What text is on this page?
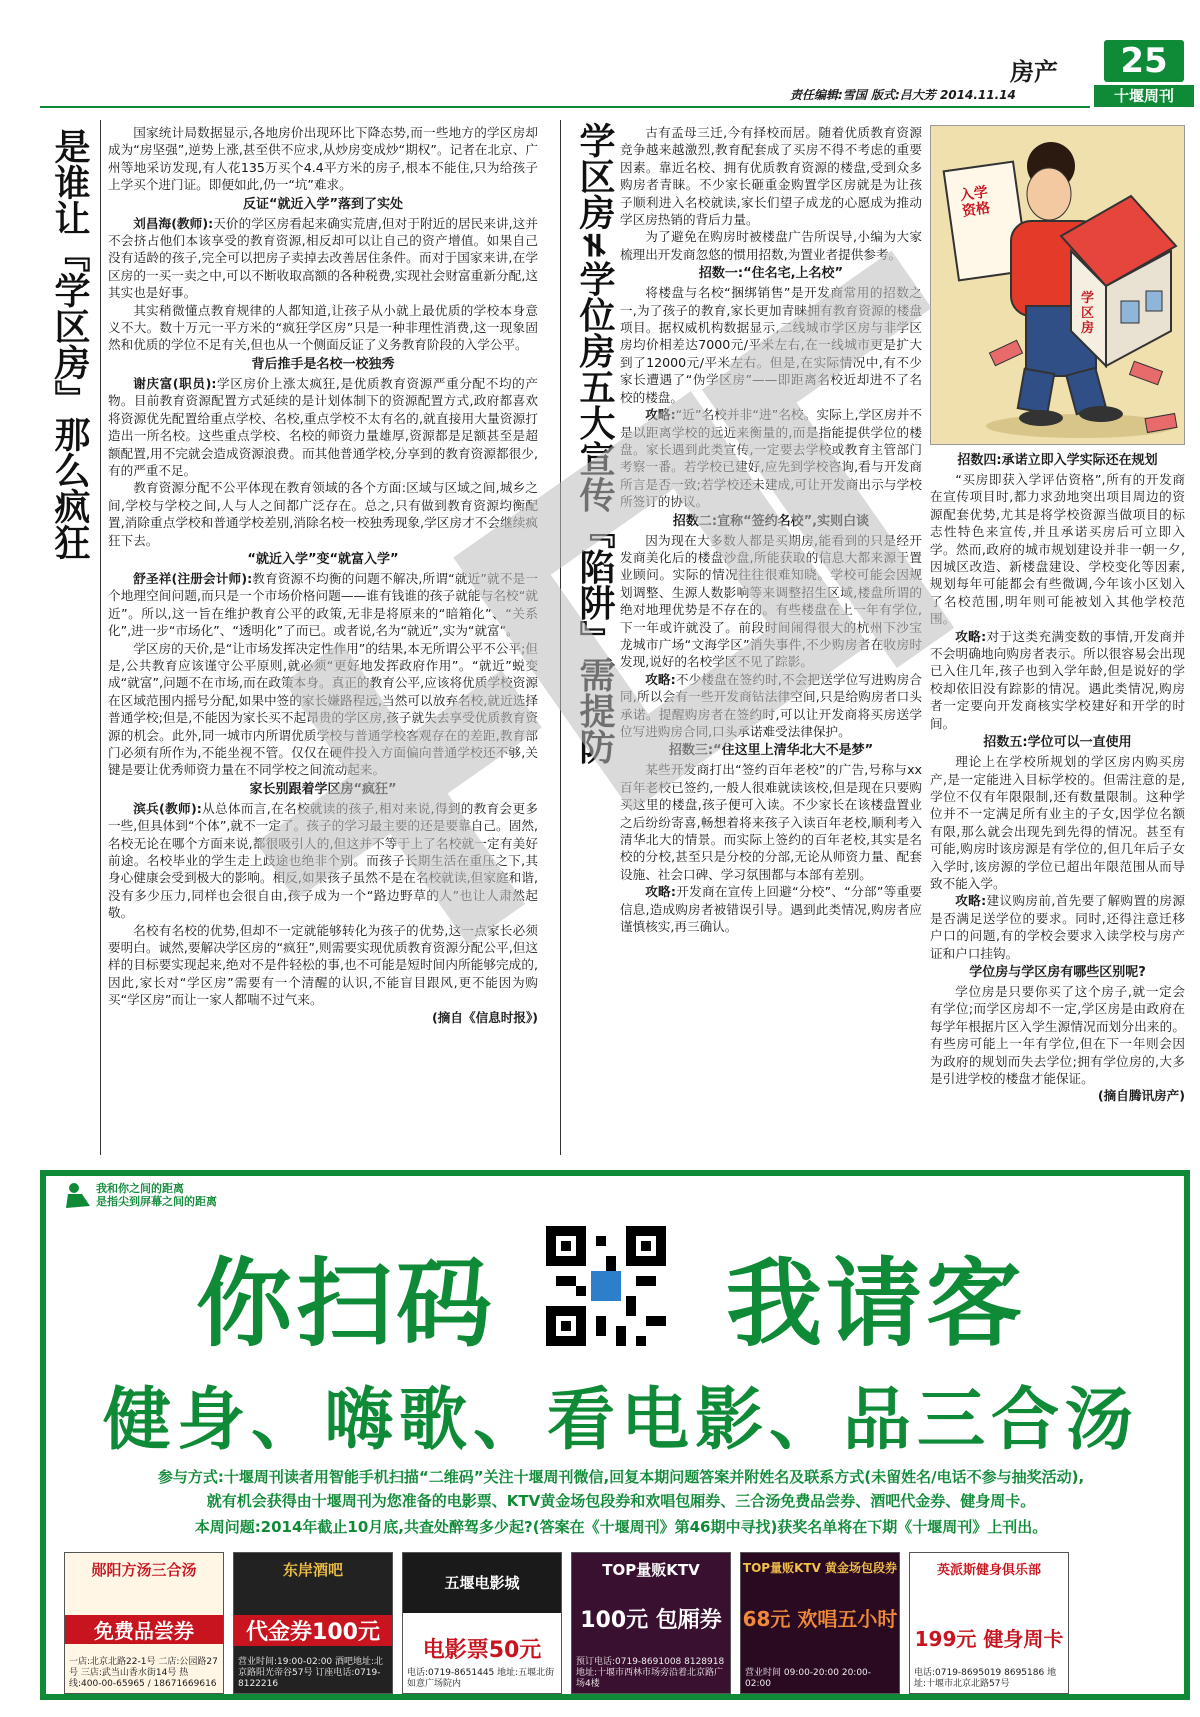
房产	25
十堰周刊
责任编辑:雪国 版式:吕大芳 2014.11.14
是谁让『学区房』那么疯狂	国家统计局数据显示,各地房价出现环比下降态势,而一些地方的学区房却成为“房坚强”,逆势上涨,甚至供不应求,从炒房变成炒“期权”。记者在北京、广州等地采访发现,有人花135万买个4.4平方米的房子,根本不能住,只为给孩子上学买个进门证。即便如此,仍一“坑”难求。

反证“就近入学”落到了实处

刘昌海(教师):天价的学区房看起来确实荒唐,但对于附近的居民来讲,这并不会挤占他们本该享受的教育资源,相反却可以让自己的资产增值。如果自己没有适龄的孩子,完全可以把房子卖掉去改善居住条件。而对于国家来讲,在学区房的一买一卖之中,可以不断收取高额的各种税费,实现社会财富重新分配,这其实也是好事。

其实稍微懂点教育规律的人都知道,让孩子从小就上最优质的学校本身意义不大。数十万元一平方米的“疯狂学区房”只是一种非理性消费,这一现象固然和优质的学位不足有关,但也从一个侧面反证了义务教育阶段的入学公平。

背后推手是名校一校独秀

谢庆富(职员):学区房价上涨太疯狂,是优质教育资源严重分配不均的产物。目前教育资源配置方式延续的是计划体制下的资源配置方式,政府都喜欢将资源优先配置给重点学校、名校,重点学校不太有名的,就直接用大量资源打造出一所名校。这些重点学校、名校的师资力量雄厚,资源都是足额甚至是超额配置,用不完就会造成资源浪费。而其他普通学校,分享到的教育资源都很少,有的严重不足。

教育资源分配不公平体现在教育领域的各个方面:区域与区域之间,城乡之间,学校与学校之间,人与人之间都广泛存在。总之,只有做到教育资源均衡配置,消除重点学校和普通学校差别,消除名校一校独秀现象,学区房才不会继续疯狂下去。

“就近入学”变“就富入学”

舒圣祥(注册会计师):教育资源不均衡的问题不解决,所谓“就近”就不是一个地理空间问题,而只是一个市场价格问题——谁有钱谁的孩子就能与名校“就近”。所以,这一旨在维护教育公平的政策,无非是将原来的“暗箱化”、“关系化”,进一步“市场化”、“透明化”了而已。或者说,名为“就近”,实为“就富”。

学区房的天价,是“让市场发挥决定性作用”的结果,本无所谓公平不公平;但是,公共教育应该谨守公平原则,就必须“更好地发挥政府作用”。“就近”蜕变成“就富”,问题不在市场,而在政策本身。真正的教育公平,应该将优质学校资源在区域范围内摇号分配,如果中签的家长嫌路程远,当然可以放弃名校,就近选择普通学校;但是,不能因为家长买不起昂贵的学区房,孩子就失去享受优质教育资源的机会。此外,同一城市内所谓优质学校与普通学校客观存在的差距,教育部门必须有所作为,不能坐视不管。仅仅在硬件投入方面偏向普通学校还不够,关键是要让优秀师资力量在不同学校之间流动起来。

家长别跟着学区房“疯狂”

滨兵(教师):从总体而言,在名校就读的孩子,相对来说,得到的教育会更多一些,但具体到“个体”,就不一定了。孩子的学习最主要的还是要靠自己。固然,名校无论在哪个方面来说,都很吸引人的,但这并不等于上了名校就一定有美好前途。名校毕业的学生走上歧途也绝非个别。而孩子长期生活在重压之下,其身心健康会受到极大的影响。相反,如果孩子虽然不是在名校就读,但家庭和谐,没有多少压力,同样也会很自由,孩子成为一个“路边野草的人”也让人肃然起敬。

名校有名校的优势,但却不一定就能够转化为孩子的优势,这一点家长必须要明白。诚然,要解决学区房的“疯狂”,则需要实现优质教育资源分配公平,但这样的目标要实现起来,绝对不是件轻松的事,也不可能是短时间内所能够完成的,因此,家长对“学区房”需要有一个清醒的认识,不能盲目跟风,更不能因为购买“学区房”而让一家人都喘不过气来。

(摘自《信息时报》)

学区房≠学位房五大宣传『陷阱』需提防	古有孟母三迁,今有择校而居。随着优质教育资源竞争越来越激烈,教育配套成了买房不得不考虑的重要因素。靠近名校、拥有优质教育资源的楼盘,受到众多购房者青睐。不少家长砸重金购置学区房就是为让孩子顺利进入名校就读,家长们望子成龙的心愿成为推动学区房热销的背后力量。

为了避免在购房时被楼盘广告所误导,小编为大家梳理出开发商忽悠的惯用招数,为置业者提供参考。

招数一:“住名宅,上名校”

将楼盘与名校“捆绑销售”是开发商常用的招数之一,为了孩子的教育,家长更加青睐拥有教育资源的楼盘项目。据权威机构数据显示,二线城市学区房与非学区房均价相差达7000元/平米左右,在一线城市更是扩大到了12000元/平米左右。但是,在实际情况中,有不少家长遭遇了“伪学区房”——即距离名校近却进不了名校的楼盘。

攻略:“近”名校并非“进”名校。实际上,学区房并不是以距离学校的远近来衡量的,而是指能提供学位的楼盘。家长遇到此类宣传,一定要去学校或教育主管部门考察一番。若学校已建好,应先到学校咨询,看与开发商所言是否一致;若学校还未建成,可让开发商出示与学校所签订的协议。

招数二:宣称“签约名校”,实则白谈

因为现在大多数人都是买期房,能看到的只是经开发商美化后的楼盘沙盘,所能获取的信息大都来源于置业顾问。实际的情况往往很难知晓。学校可能会因规划调整、生源人数影响等来调整招生区域,楼盘所谓的绝对地理优势是不存在的。有些楼盘在上一年有学位,下一年或许就没了。前段时间闹得很大的杭州下沙宝龙城市广场“文海学区”消失事件,不少购房者在收房时发现,说好的名校学区不见了踪影。

攻略:不少楼盘在签约时,不会把送学位写进购房合同,所以会有一些开发商钻法律空间,只是给购房者口头承诺。提醒购房者在签约时,可以让开发商将买房送学位写进购房合同,口头承诺难受法律保护。

招数三:“住这里上清华北大不是梦”

某些开发商打出“签约百年老校”的广告,号称与xx百年老校已签约,一般人很难就读该校,但是现在只要购买这里的楼盘,孩子便可入读。不少家长在该楼盘置业之后纷纷寄喜,畅想着将来孩子入读百年老校,顺利考入清华北大的情景。而实际上签约的百年老校,其实是名校的分校,甚至只是分校的分部,无论从师资力量、配套设施、社会口碑、学习氛围都与本部有差别。

攻略:开发商在宣传上回避“分校”、“分部”等重要信息,造成购房者被错误引导。遇到此类情况,购房者应谨慎核实,再三确认。

入学资格
学区房
招数四:承诺立即入学实际还在规划

“买房即获入学评估资格”,所有的开发商在宣传项目时,都力求劲地突出项目周边的资源配套优势,尤其是将学校资源当做项目的标志性特色来宣传,并且承诺买房后可立即入学。然而,政府的城市规划建设并非一朝一夕,因城区改造、新楼盘建设、学校变化等因素,规划每年可能都会有些微调,今年该小区划入了名校范围,明年则可能被划入其他学校范围。

攻略:对于这类充满变数的事情,开发商并不会明确地向购房者表示。所以很容易会出现已入住几年,孩子也到入学年龄,但是说好的学校却依旧没有踪影的情况。遇此类情况,购房者一定要向开发商核实学校建好和开学的时间。

招数五:学位可以一直使用

理论上在学校所规划的学区房内购买房产,是一定能进入目标学校的。但需注意的是,学位不仅有年限限制,还有数量限制。这种学位并不一定满足所有业主的子女,因学位名额有限,那么就会出现先到先得的情况。甚至有可能,购房时该房源是有学位的,但几年后子女入学时,该房源的学位已超出年限范围从而导致不能入学。

攻略:建议购房前,首先要了解购置的房源是否满足送学位的要求。同时,还得注意迁移户口的问题,有的学校会要求入读学校与房产证和户口挂钩。

学位房与学区房有哪些区别呢?

学位房是只要你买了这个房子,就一定会有学位;而学区房却不一定,学区房是由政府在每学年根据片区入学生源情况而划分出来的。有些房可能上一年有学位,但在下一年则会因为政府的规划而失去学位;拥有学位房的,大多是引进学校的楼盘才能保证。

(摘自腾讯房产)

我和你之间的距离
是指尖到屏幕之间的距离
你扫码 我请客
健身、嗨歌、看电影、品三合汤
参与方式:十堰周刊读者用智能手机扫描“二维码”关注十堰周刊微信,回复本期问题答案并附姓名及联系方式(未留姓名/电话不参与抽奖活动),
就有机会获得由十堰周刊为您准备的电影票、KTV黄金场包段券和欢唱包厢券、三合汤免费品尝券、酒吧代金券、健身周卡。
本周问题:2014年截止10月底,共查处醉驾多少起?(答案在《十堰周刊》第46期中寻找)获奖名单将在下期《十堰周刊》上刊出。
郧阳方汤三合汤
免费品尝券
一店:北京北路22-1号 二店:公园路27号 三店:武当山香水街14号 热线:400-00-65965 / 18671669616
东岸酒吧
代金券100元
营业时间:19:00-02:00 酒吧地址:北京路阳光帝谷57号 订座电话:0719-8122216
五堰电影城
电影票50元
电话:0719-8651445 地址:五堰北街如意广场院内
TOP量贩KTV
100元 包厢券
预订电话:0719-8691008 8128918 地址:十堰市西林市场旁沿着北京路广场4楼
TOP量贩KTV 黄金场包段券
68元 欢唱五小时
营业时间 09:00-20:00 20:00-02:00
英派斯健身俱乐部
199元 健身周卡
电话:0719-8695019 8695186 地址:十堰市北京北路57号
